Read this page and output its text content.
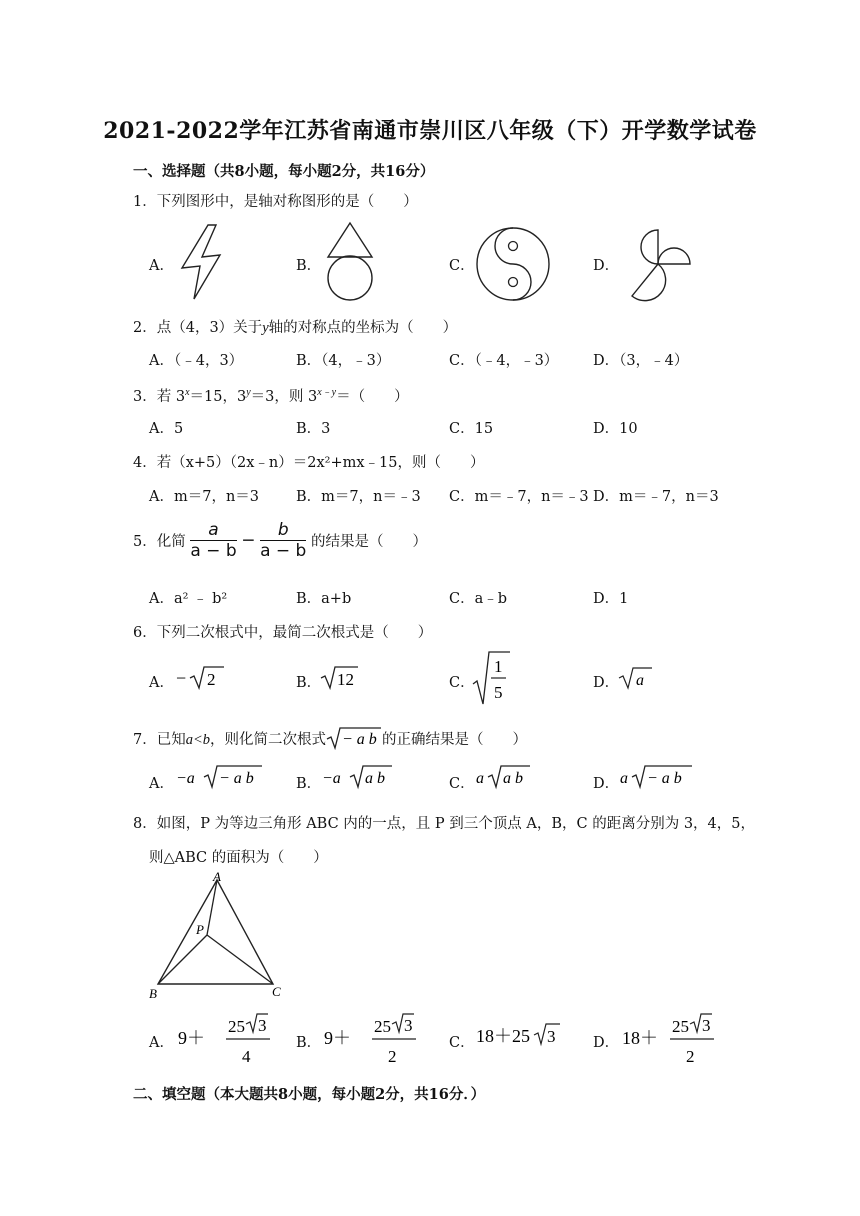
2021-2022学年江苏省南通市崇川区八年级（下）开学数学试卷
一、选择题（共8小题，每小题2分，共16分）
1．下列图形中，是轴对称图形的是（　　）
A．	B．	C．	D．
2．点（4，3）关于y轴的对称点的坐标为（　　）
A．（﹣4，3）	B．（4，﹣3）	C．（﹣4，﹣3） D．（3，﹣4）
3．若 $3^x=15$，$3^y=3$，则 $3^{x﹣y}=$（　　）
A．5	B．3	C．15	D．10
4．若（x+5）（2x﹣n）＝2x²+mx﹣15，则（　　）
A．m＝7，n＝3	B．m＝7，n＝﹣3 C．m＝﹣7，n＝﹣3 D．m＝﹣7，n＝3
5．化简 $\frac{a}{a - b} - \frac{b}{a - b}$ 的结果是（　　）
A．a² ﹣ b²	B．a+b	C．a﹣b	D．1
6．下列二次根式中，最简二次根式是（　　）
A． − 2	B． 12	C．
1
5	D． a
7．已知a<b，则化简二次根式 − a b 的正确结果是（　　）
A． −a − a b	B． −a a b	C． a a b	D． a − a b
8．如图，P 为等边三角形 ABC 内的一点，且 P 到三个顶点 A，B，C 的距离分别为 3，4，5，
则△ABC 的面积为（　　）
A
P
B	C
A． 9＋
25 3
4
B． 9＋
25 3
2
C． 18＋25 3	D． 18＋
25 3
2
二、填空题（本大题共8小题，每小题2分，共16分．）
